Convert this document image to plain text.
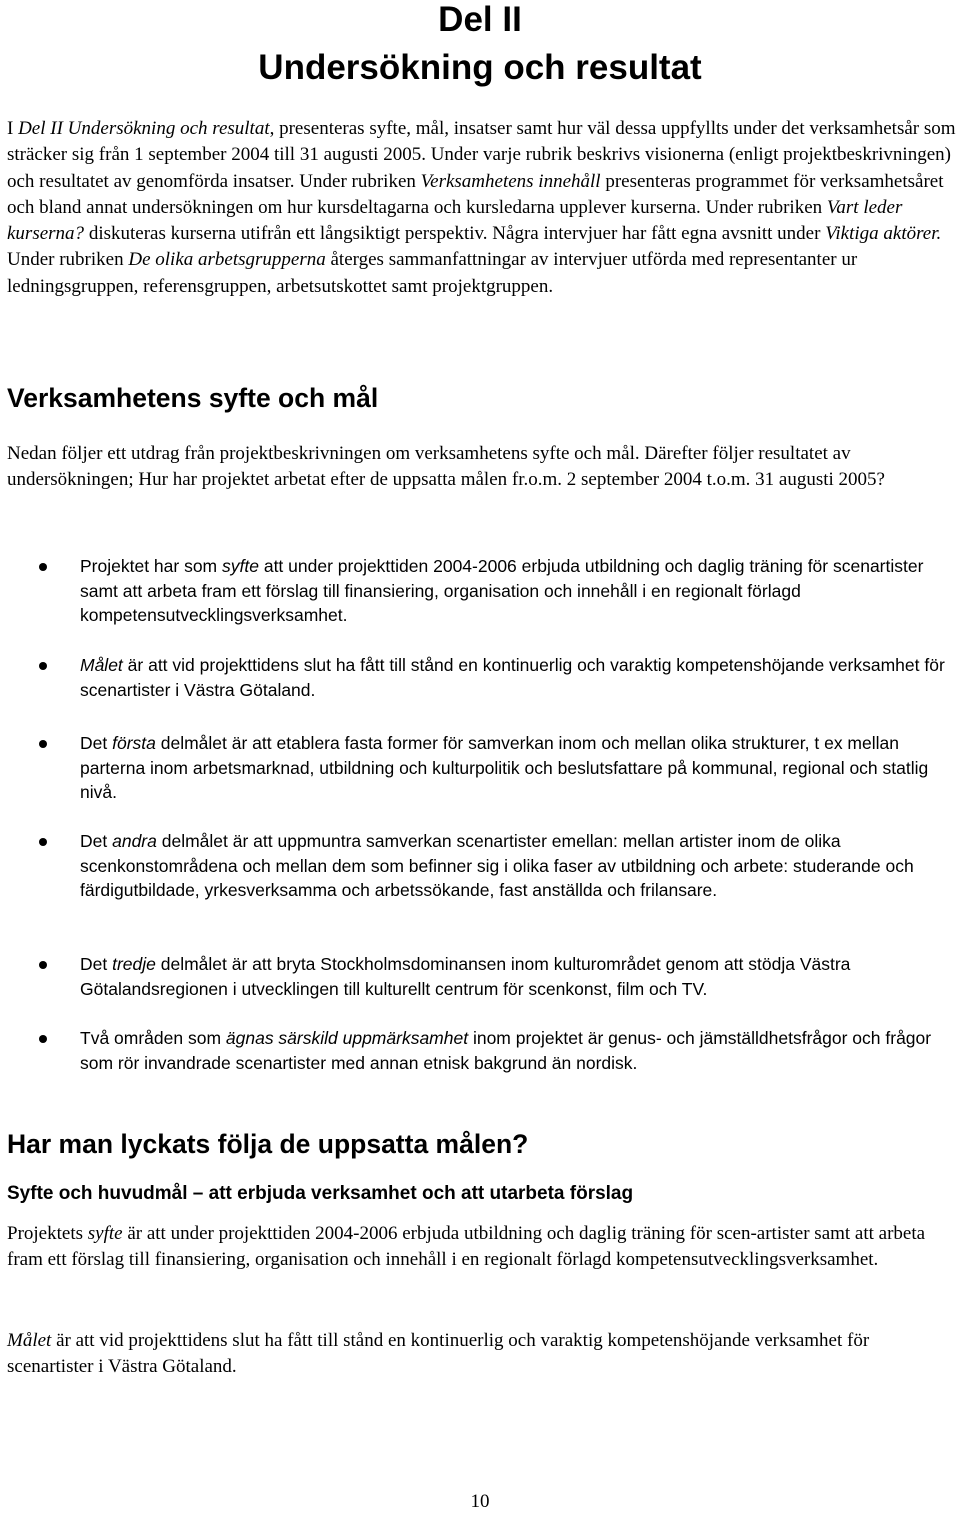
Del II
Undersökning och resultat

I Del II Undersökning och resultat, presenteras syfte, mål, insatser samt hur väl dessa uppfyllts under det verksamhetsår som sträcker sig från 1 september 2004 till 31 augusti 2005. Under varje rubrik beskrivs visionerna (enligt projektbeskrivningen) och resultatet av genomförda insatser. Under rubriken Verksamhetens innehåll presenteras programmet för verksamhetsåret och bland annat undersökningen om hur kursdeltagarna och kursledarna upplever kurserna. Under rubriken Vart leder kurserna? diskuteras kurserna utifrån ett långsiktigt perspektiv. Några intervjuer har fått egna avsnitt under Viktiga aktörer. Under rubriken De olika arbetsgrupperna återges sammanfattningar av intervjuer utförda med representanter ur ledningsgruppen, referensgruppen, arbetsutskottet samt projektgruppen.

Verksamhetens syfte och mål

Nedan följer ett utdrag från projektbeskrivningen om verksamhetens syfte och mål. Därefter följer resultatet av undersökningen; Hur har projektet arbetat efter de uppsatta målen fr.o.m. 2 september 2004 t.o.m. 31 augusti 2005?

Projektet har som syfte att under projekttiden 2004-2006 erbjuda utbildning och daglig träning för scenartister samt att arbeta fram ett förslag till finansiering, organisation och innehåll i en regionalt förlagd kompetensutvecklingsverksamhet.

Målet är att vid projekttidens slut ha fått till stånd en kontinuerlig och varaktig kompetenshöjande verksamhet för scenartister i Västra Götaland.

Det första delmålet är att etablera fasta former för samverkan inom och mellan olika strukturer, t ex mellan parterna inom arbetsmarknad, utbildning och kulturpolitik och beslutsfattare på kommunal, regional och statlig nivå.

Det andra delmålet är att uppmuntra samverkan scenartister emellan: mellan artister inom de olika scenkonstområdena och mellan dem som befinner sig i olika faser av utbildning och arbete: studerande och färdigutbildade, yrkesverksamma och arbetssökande, fast anställda och frilansare.

Det tredje delmålet är att bryta Stockholmsdominansen inom kulturområdet genom att stödja Västra Götalandsregionen i utvecklingen till kulturellt centrum för scenkonst, film och TV.

Två områden som ägnas särskild uppmärksamhet inom projektet är genus- och jämställdhetsfrågor och frågor som rör invandrade scenartister med annan etnisk bakgrund än nordisk.

Har man lyckats följa de uppsatta målen?
Syfte och huvudmål – att erbjuda verksamhet och att utarbeta förslag

Projektets syfte är att under projekttiden 2004-2006 erbjuda utbildning och daglig träning för scen-artister samt att arbeta fram ett förslag till finansiering, organisation och innehåll i en regionalt förlagd kompetensutvecklingsverksamhet.

Målet är att vid projekttidens slut ha fått till stånd en kontinuerlig och varaktig kompetenshöjande verksamhet för scenartister i Västra Götaland.

10
